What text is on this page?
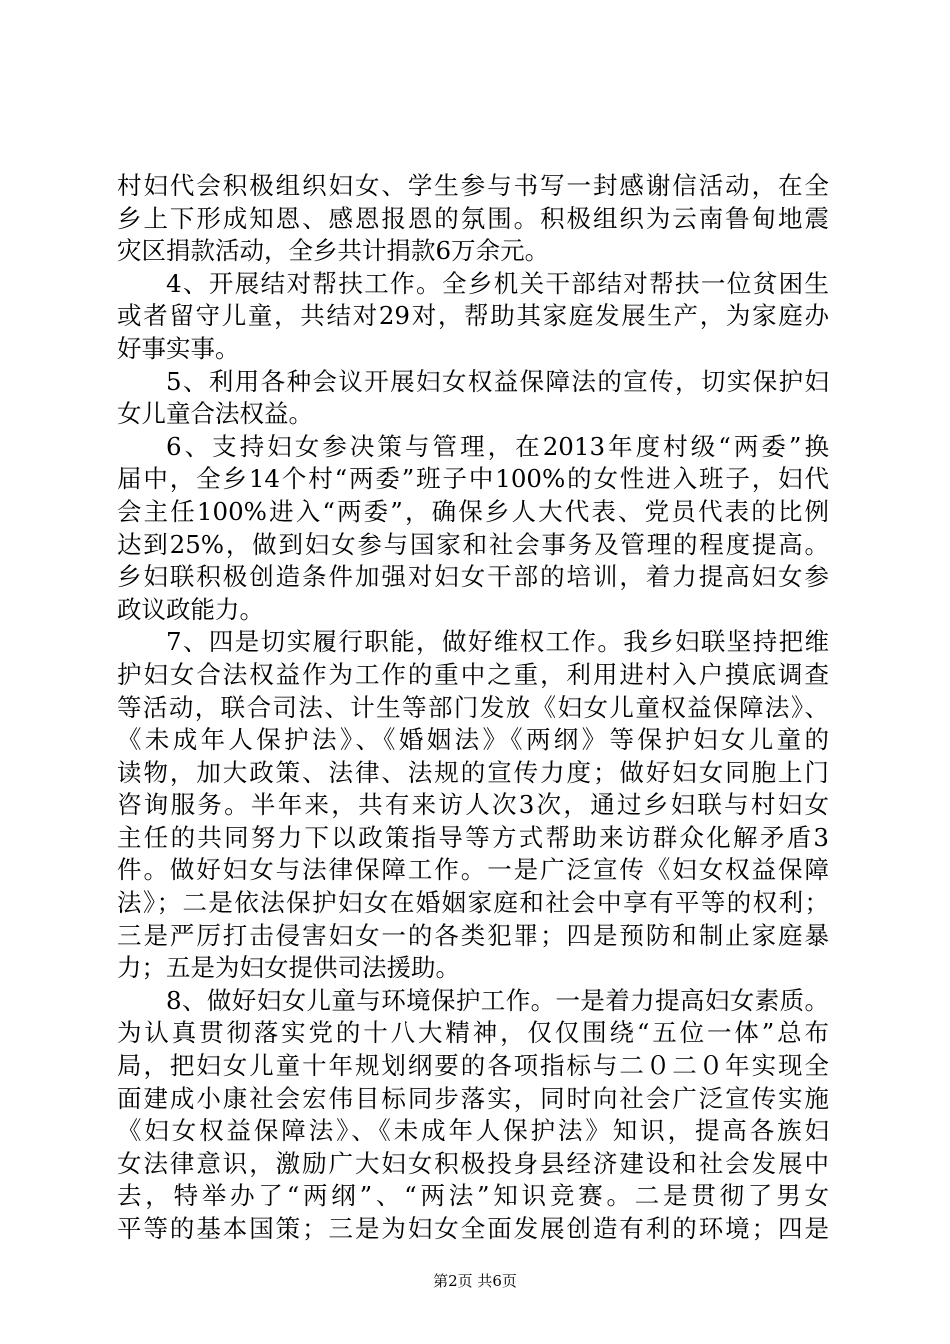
村妇代会积极组织妇女、学生参与书写一封感谢信活动，在全
乡上下形成知恩、感恩报恩的氛围。积极组织为云南鲁甸地震
灾区捐款活动，全乡共计捐款6万余元。
4、开展结对帮扶工作。全乡机关干部结对帮扶一位贫困生
或者留守儿童，共结对29对，帮助其家庭发展生产，为家庭办
好事实事。
5、利用各种会议开展妇女权益保障法的宣传，切实保护妇
女儿童合法权益。
6、支持妇女参决策与管理，在2013年度村级“两委”换
届中，全乡14个村“两委”班子中100%的女性进入班子，妇代
会主任100%进入“两委”，确保乡人大代表、党员代表的比例
达到25%，做到妇女参与国家和社会事务及管理的程度提高。
乡妇联积极创造条件加强对妇女干部的培训，着力提高妇女参
政议政能力。
7、四是切实履行职能，做好维权工作。我乡妇联坚持把维
护妇女合法权益作为工作的重中之重，利用进村入户摸底调查
等活动，联合司法、计生等部门发放《妇女儿童权益保障法》、
《未成年人保护法》、《婚姻法》《两纲》等保护妇女儿童的
读物，加大政策、法律、法规的宣传力度；做好妇女同胞上门
咨询服务。半年来，共有来访人次3次，通过乡妇联与村妇女
主任的共同努力下以政策指导等方式帮助来访群众化解矛盾3
件。做好妇女与法律保障工作。一是广泛宣传《妇女权益保障
法》；二是依法保护妇女在婚姻家庭和社会中享有平等的权利；
三是严厉打击侵害妇女一的各类犯罪；四是预防和制止家庭暴
力；五是为妇女提供司法援助。
8、做好妇女儿童与环境保护工作。一是着力提高妇女素质。
为认真贯彻落实党的十八大精神，仅仅围绕“五位一体”总布
局，把妇女儿童十年规划纲要的各项指标与二０二０年实现全
面建成小康社会宏伟目标同步落实，同时向社会广泛宣传实施
《妇女权益保障法》、《未成年人保护法》知识，提高各族妇
女法律意识，激励广大妇女积极投身县经济建设和社会发展中
去，特举办了“两纲”、“两法”知识竞赛。二是贯彻了男女
平等的基本国策；三是为妇女全面发展创造有利的环境；四是
第2页 共6页
